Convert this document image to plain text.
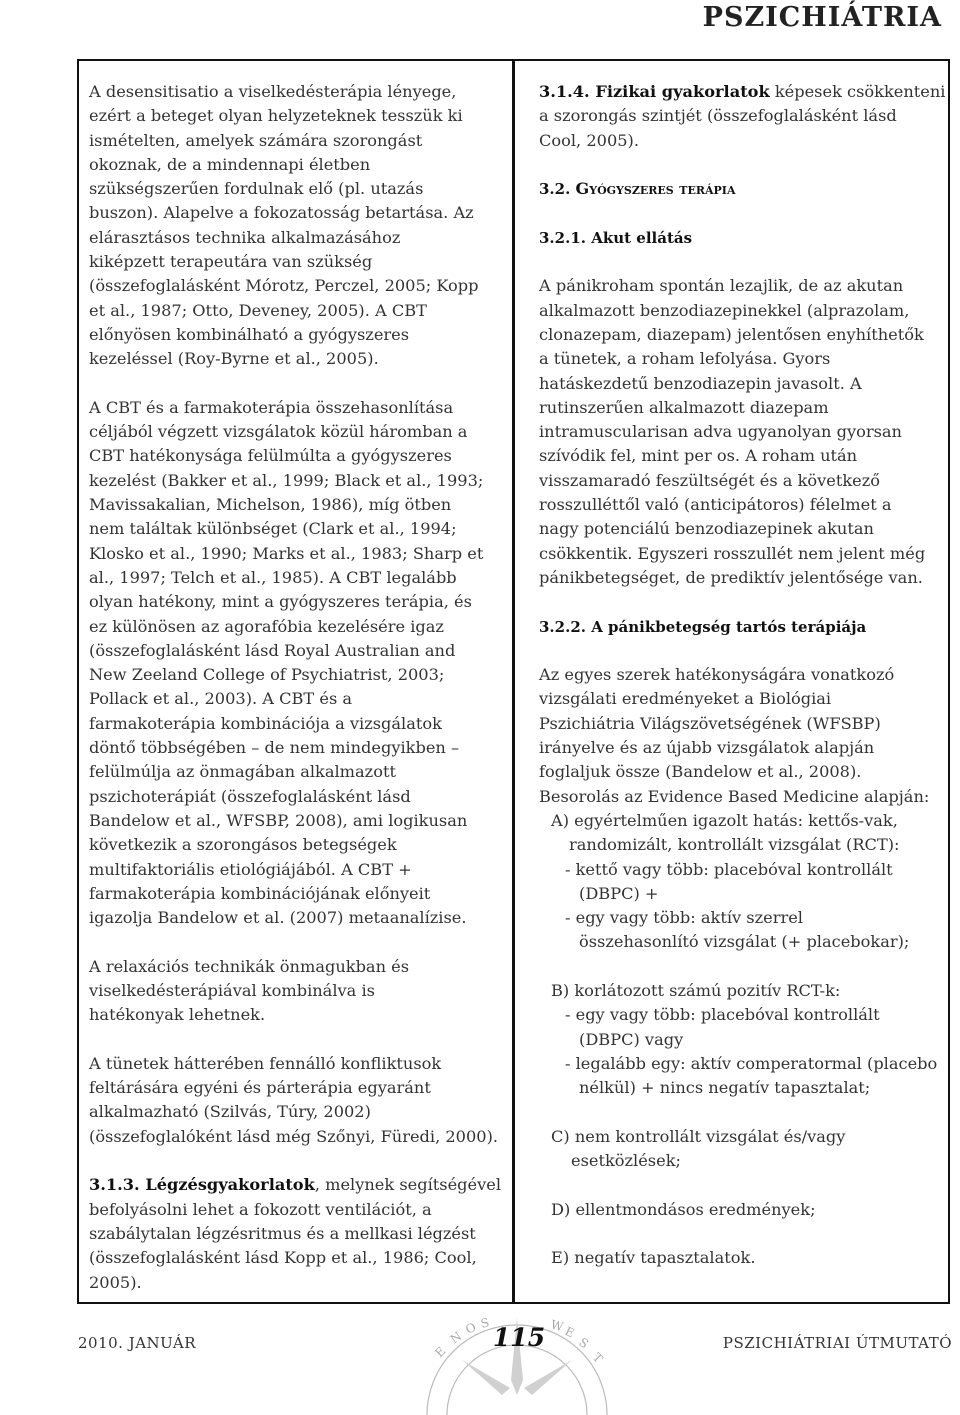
PSZICHIÁTRIA

A desensitisatio a viselkedésterápia lényege,
ezért a beteget olyan helyzeteknek tesszük ki
ismételten, amelyek számára szorongást
okoznak, de a mindennapi életben
szükségszerűen fordulnak elő (pl. utazás
buszon). Alapelve a fokozatosság betartása. Az
elárasztásos technika alkalmazásához
kiképzett terapeutára van szükség
(összefoglalásként Mórotz, Perczel, 2005; Kopp
et al., 1987; Otto, Deveney, 2005). A CBT
előnyösen kombinálható a gyógyszeres
kezeléssel (Roy-Byrne et al., 2005).

A CBT és a farmakoterápia összehasonlítása
céljából végzett vizsgálatok közül háromban a
CBT hatékonysága felülmúlta a gyógyszeres
kezelést (Bakker et al., 1999; Black et al., 1993;
Mavissakalian, Michelson, 1986), míg ötben
nem találtak különbséget (Clark et al., 1994;
Klosko et al., 1990; Marks et al., 1983; Sharp et
al., 1997; Telch et al., 1985). A CBT legalább
olyan hatékony, mint a gyógyszeres terápia, és
ez különösen az agorafóbia kezelésére igaz
(összefoglalásként lásd Royal Australian and
New Zeeland College of Psychiatrist, 2003;
Pollack et al., 2003). A CBT és a
farmakoterápia kombinációja a vizsgálatok
döntő többségében – de nem mindegyikben –
felülmúlja az önmagában alkalmazott
pszichoterápiát (összefoglalásként lásd
Bandelow et al., WFSBP, 2008), ami logikusan
következik a szorongásos betegségek
multifaktoriális etiológiájából. A CBT +
farmakoterápia kombinációjának előnyeit
igazolja Bandelow et al. (2007) metaanalízise.

A relaxációs technikák önmagukban és
viselkedésterápiával kombinálva is
hatékonyak lehetnek.

A tünetek hátterében fennálló konfliktusok
feltárására egyéni és párterápia egyaránt
alkalmazható (Szilvás, Túry, 2002)
(összefoglalóként lásd még Szőnyi, Füredi, 2000).

3.1.3. Légzésgyakorlatok, melynek segítségével
befolyásolni lehet a fokozott ventilációt, a
szabálytalan légzésritmus és a mellkasi légzést
(összefoglalásként lásd Kopp et al., 1986; Cool,
2005).

3.1.4. Fizikai gyakorlatok képesek csökkenteni
a szorongás szintjét (összefoglalásként lásd
Cool, 2005).

3.2. Gyógyszeres terápia
3.2.1. Akut ellátás

A pánikroham spontán lezajlik, de az akutan
alkalmazott benzodiazepinekkel (alprazolam,
clonazepam, diazepam) jelentősen enyhíthetők
a tünetek, a roham lefolyása. Gyors
hatáskezdetű benzodiazepin javasolt. A
rutinszerűen alkalmazott diazepam
intramuscularisan adva ugyanolyan gyorsan
szívódik fel, mint per os. A roham után
visszamaradó feszültségét és a következő
rosszulléttől való (anticipátoros) félelmet a
nagy potenciálú benzodiazepinek akutan
csökkentik. Egyszeri rosszullét nem jelent még
pánikbetegséget, de prediktív jelentősége van.

3.2.2. A pánikbetegség tartós terápiája
Az egyes szerek hatékonyságára vonatkozó
vizsgálati eredményeket a Biológiai
Pszichiátria Világszövetségének (WFSBP)
irányelve és az újabb vizsgálatok alapján
foglaljuk össze (Bandelow et al., 2008).
Besorolás az Evidence Based Medicine alapján:
A) egyértelműen igazolt hatás: kettős-vak,
randomizált, kontrollált vizsgálat (RCT):
- kettő vagy több: placebóval kontrollált
(DBPC) +
- egy vagy több: aktív szerrel
összehasonlító vizsgálat (+ placebokar);
B) korlátozott számú pozitív RCT-k:
- egy vagy több: placebóval kontrollált
(DBPC) vagy
- legalább egy: aktív comperatormal (placebo
nélkül) + nincs negatív tapasztalat;
C) nem kontrollált vizsgálat és/vagy
esetközlések;
D) ellentmondásos eredmények;
E) negatív tapasztalatok.
E
N
O S	W
E
S
T
2010. JANUÁR	115	PSZICHIÁTRIAI ÚTMUTATÓ
